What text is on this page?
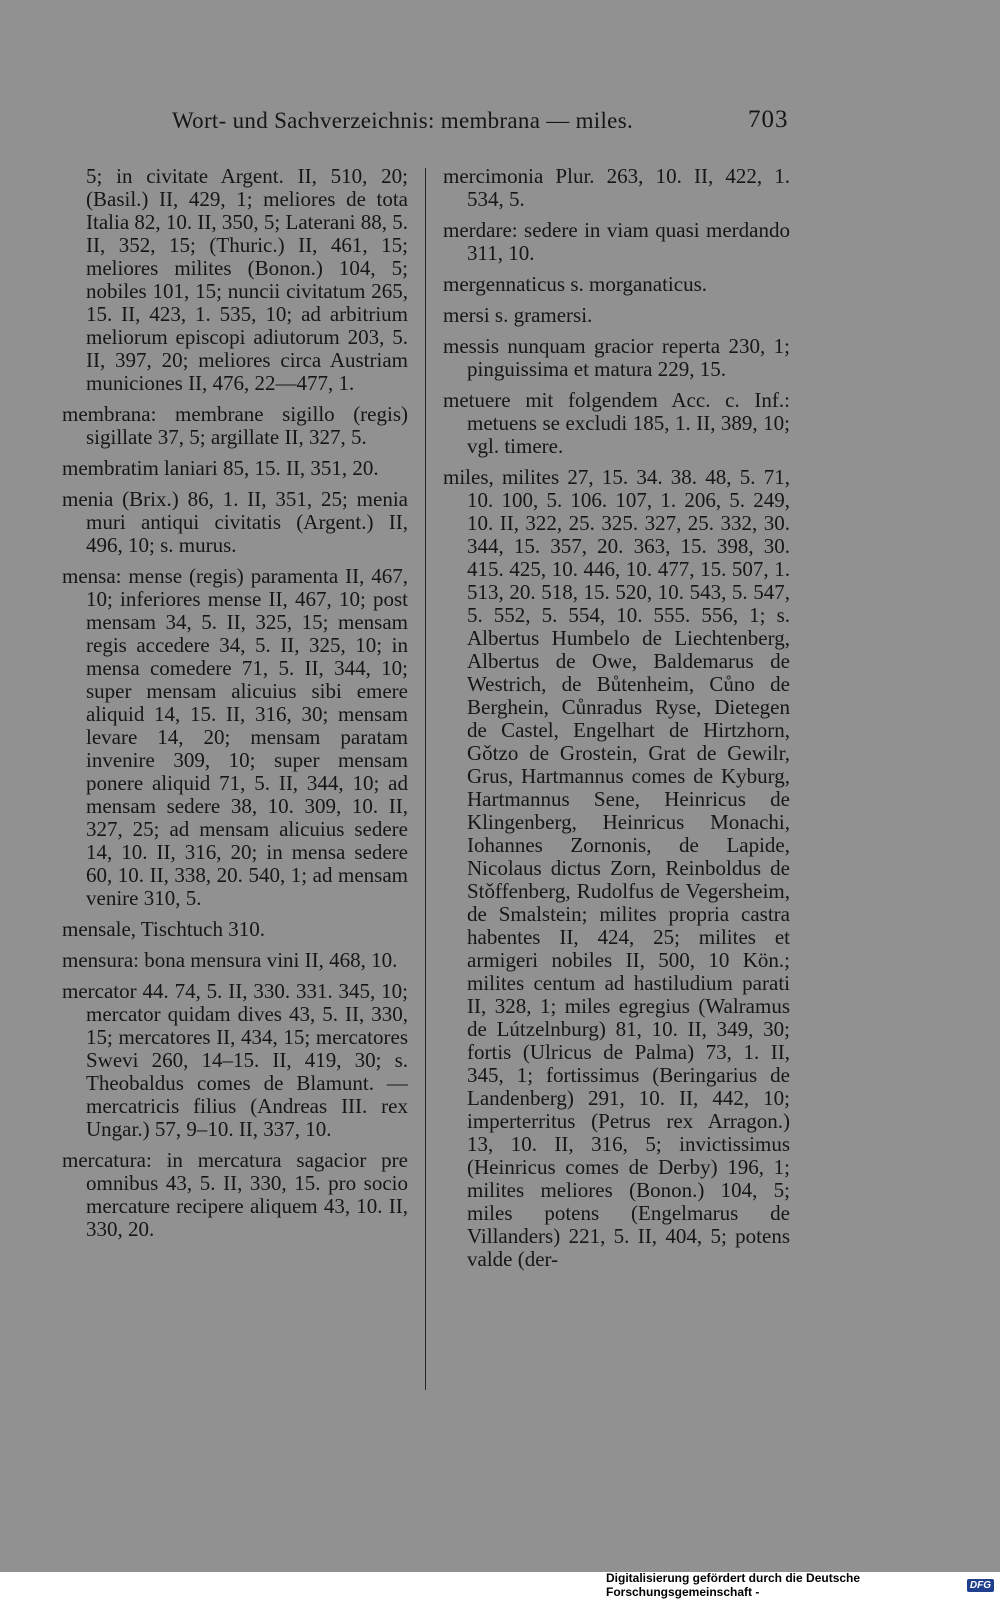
Wort- und Sachverzeichnis: membrana — miles.	703

5; in civitate Argent. II, 510, 20; (Basil.) II, 429, 1; meliores de tota Italia 82, 10. II, 350, 5; Laterani 88, 5. II, 352, 15; (Thuric.) II, 461, 15; meliores milites (Bonon.) 104, 5; nobiles 101, 15; nuncii civitatum 265, 15. II, 423, 1. 535, 10; ad arbitrium meliorum episcopi adiutorum 203, 5. II, 397, 20; meliores circa Austriam municiones II, 476, 22—477, 1.

membrana: membrane sigillo (regis) sigillate 37, 5; argillate II, 327, 5.

membratim laniari 85, 15. II, 351, 20.

menia (Brix.) 86, 1. II, 351, 25; menia muri antiqui civitatis (Argent.) II, 496, 10; s. murus.

mensa: mense (regis) paramenta II, 467, 10; inferiores mense II, 467, 10; post mensam 34, 5. II, 325, 15; mensam regis accedere 34, 5. II, 325, 10; in mensa comedere 71, 5. II, 344, 10; super mensam alicuius sibi emere aliquid 14, 15. II, 316, 30; mensam levare 14, 20; mensam paratam invenire 309, 10; super mensam ponere aliquid 71, 5. II, 344, 10; ad mensam sedere 38, 10. 309, 10. II, 327, 25; ad mensam alicuius sedere 14, 10. II, 316, 20; in mensa sedere 60, 10. II, 338, 20. 540, 1; ad mensam venire 310, 5.

mensale, Tischtuch 310.

mensura: bona mensura vini II, 468, 10.

mercator 44. 74, 5. II, 330. 331. 345, 10; mercator quidam dives 43, 5. II, 330, 15; mercatores II, 434, 15; mercatores Swevi 260, 14–15. II, 419, 30; s. Theobaldus comes de Blamunt. — mercatricis filius (Andreas III. rex Ungar.) 57, 9–10. II, 337, 10.

mercatura: in mercatura sagacior pre omnibus 43, 5. II, 330, 15. pro socio mercature recipere aliquem 43, 10. II, 330, 20.

mercimonia Plur. 263, 10. II, 422, 1. 534, 5.

merdare: sedere in viam quasi merdando 311, 10.

mergennaticus s. morganaticus.

mersi s. gramersi.

messis nunquam gracior reperta 230, 1; pinguissima et matura 229, 15.

metuere mit folgendem Acc. c. Inf.: metuens se excludi 185, 1. II, 389, 10; vgl. timere.

miles, milites 27, 15. 34. 38. 48, 5. 71, 10. 100, 5. 106. 107, 1. 206, 5. 249, 10. II, 322, 25. 325. 327, 25. 332, 30. 344, 15. 357, 20. 363, 15. 398, 30. 415. 425, 10. 446, 10. 477, 15. 507, 1. 513, 20. 518, 15. 520, 10. 543, 5. 547, 5. 552, 5. 554, 10. 555. 556, 1; s. Albertus Humbelo de Liechtenberg, Albertus de Owe, Baldemarus de Westrich, de Bůtenheim, Cůno de Berghein, Cůnradus Ryse, Dietegen de Castel, Engelhart de Hirtzhorn, Gǒtzo de Grostein, Grat de Gewilr, Grus, Hartmannus comes de Kyburg, Hartmannus Sene, Heinricus de Klingenberg, Heinricus Monachi, Iohannes Zornonis, de Lapide, Nicolaus dictus Zorn, Reinboldus de Stǒffenberg, Rudolfus de Vegersheim, de Smalstein; milites propria castra habentes II, 424, 25; milites et armigeri nobiles II, 500, 10 Kön.; milites centum ad hastiludium parati II, 328, 1; miles egregius (Walramus de Lútzelnburg) 81, 10. II, 349, 30; fortis (Ulricus de Palma) 73, 1. II, 345, 1; fortissimus (Beringarius de Landenberg) 291, 10. II, 442, 10; imperterritus (Petrus rex Arragon.) 13, 10. II, 316, 5; invictissimus (Heinricus comes de Derby) 196, 1; milites meliores (Bonon.) 104, 5; miles potens (Engelmarus de Villanders) 221, 5. II, 404, 5; potens valde (der-

Digitalisierung gefördert durch die Deutsche Forschungsgemeinschaft -	DFG
